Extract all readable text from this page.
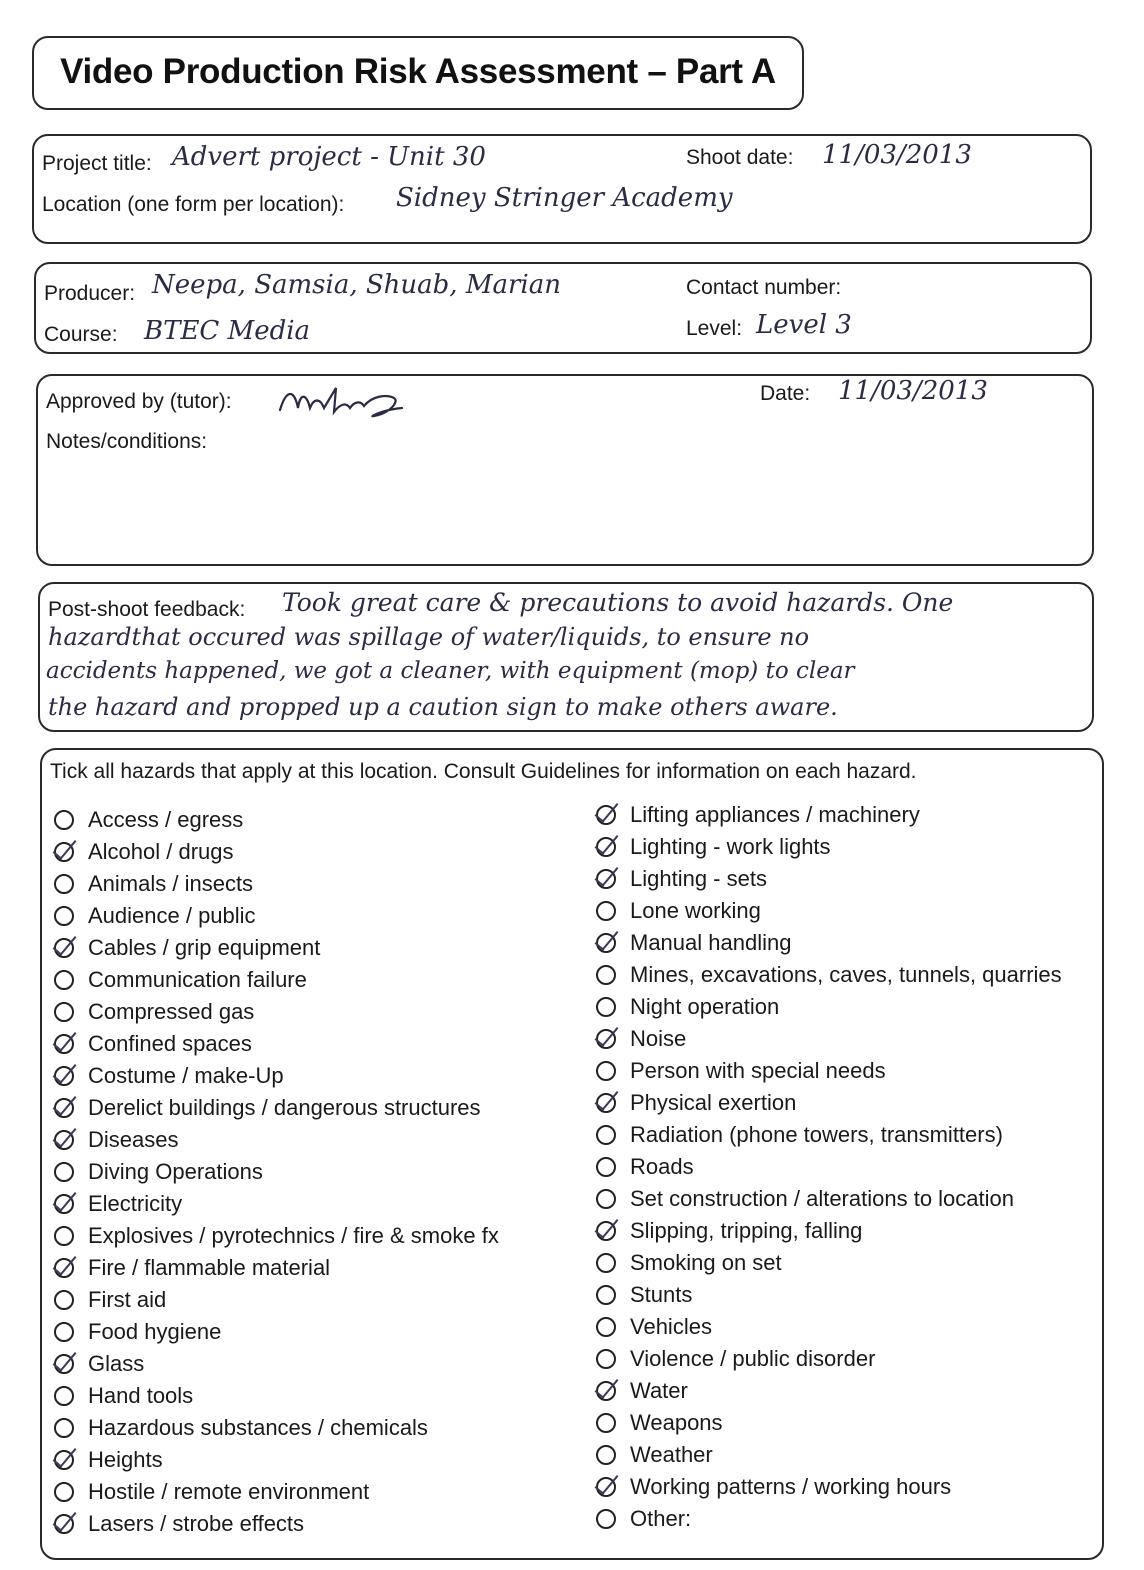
Video Production Risk Assessment – Part A
Project title: Advert project - Unit 30	Shoot date: 11/03/2013
Location (one form per location): Sidney Stringer Academy
Producer: Neepa, Samsia, Shuab, Marian	Contact number:
Course: BTEC Media	Level: Level 3
Approved by (tutor):	Date: 11/03/2013
Notes/conditions:
Post-shoot feedback: Took great care & precautions to avoid hazards. One
hazardthat occured was spillage of water/liquids, to ensure no
accidents happened, we got a cleaner, with equipment (mop) to clear
the hazard and propped up a caution sign to make others aware.
Tick all hazards that apply at this location. Consult Guidelines for information on each hazard.
Access / egress
Alcohol / drugs
Animals / insects
Audience / public
Cables / grip equipment
Communication failure
Compressed gas
Confined spaces
Costume / make-Up
Derelict buildings / dangerous structures
Diseases
Diving Operations
Electricity
Explosives / pyrotechnics / fire & smoke fx
Fire / flammable material
First aid
Food hygiene
Glass
Hand tools
Hazardous substances / chemicals
Heights
Hostile / remote environment
Lasers / strobe effects
Lifting appliances / machinery
Lighting - work lights
Lighting - sets
Lone working
Manual handling
Mines, excavations, caves, tunnels, quarries
Night operation
Noise
Person with special needs
Physical exertion
Radiation (phone towers, transmitters)
Roads
Set construction / alterations to location
Slipping, tripping, falling
Smoking on set
Stunts
Vehicles
Violence / public disorder
Water
Weapons
Weather
Working patterns / working hours
Other:
